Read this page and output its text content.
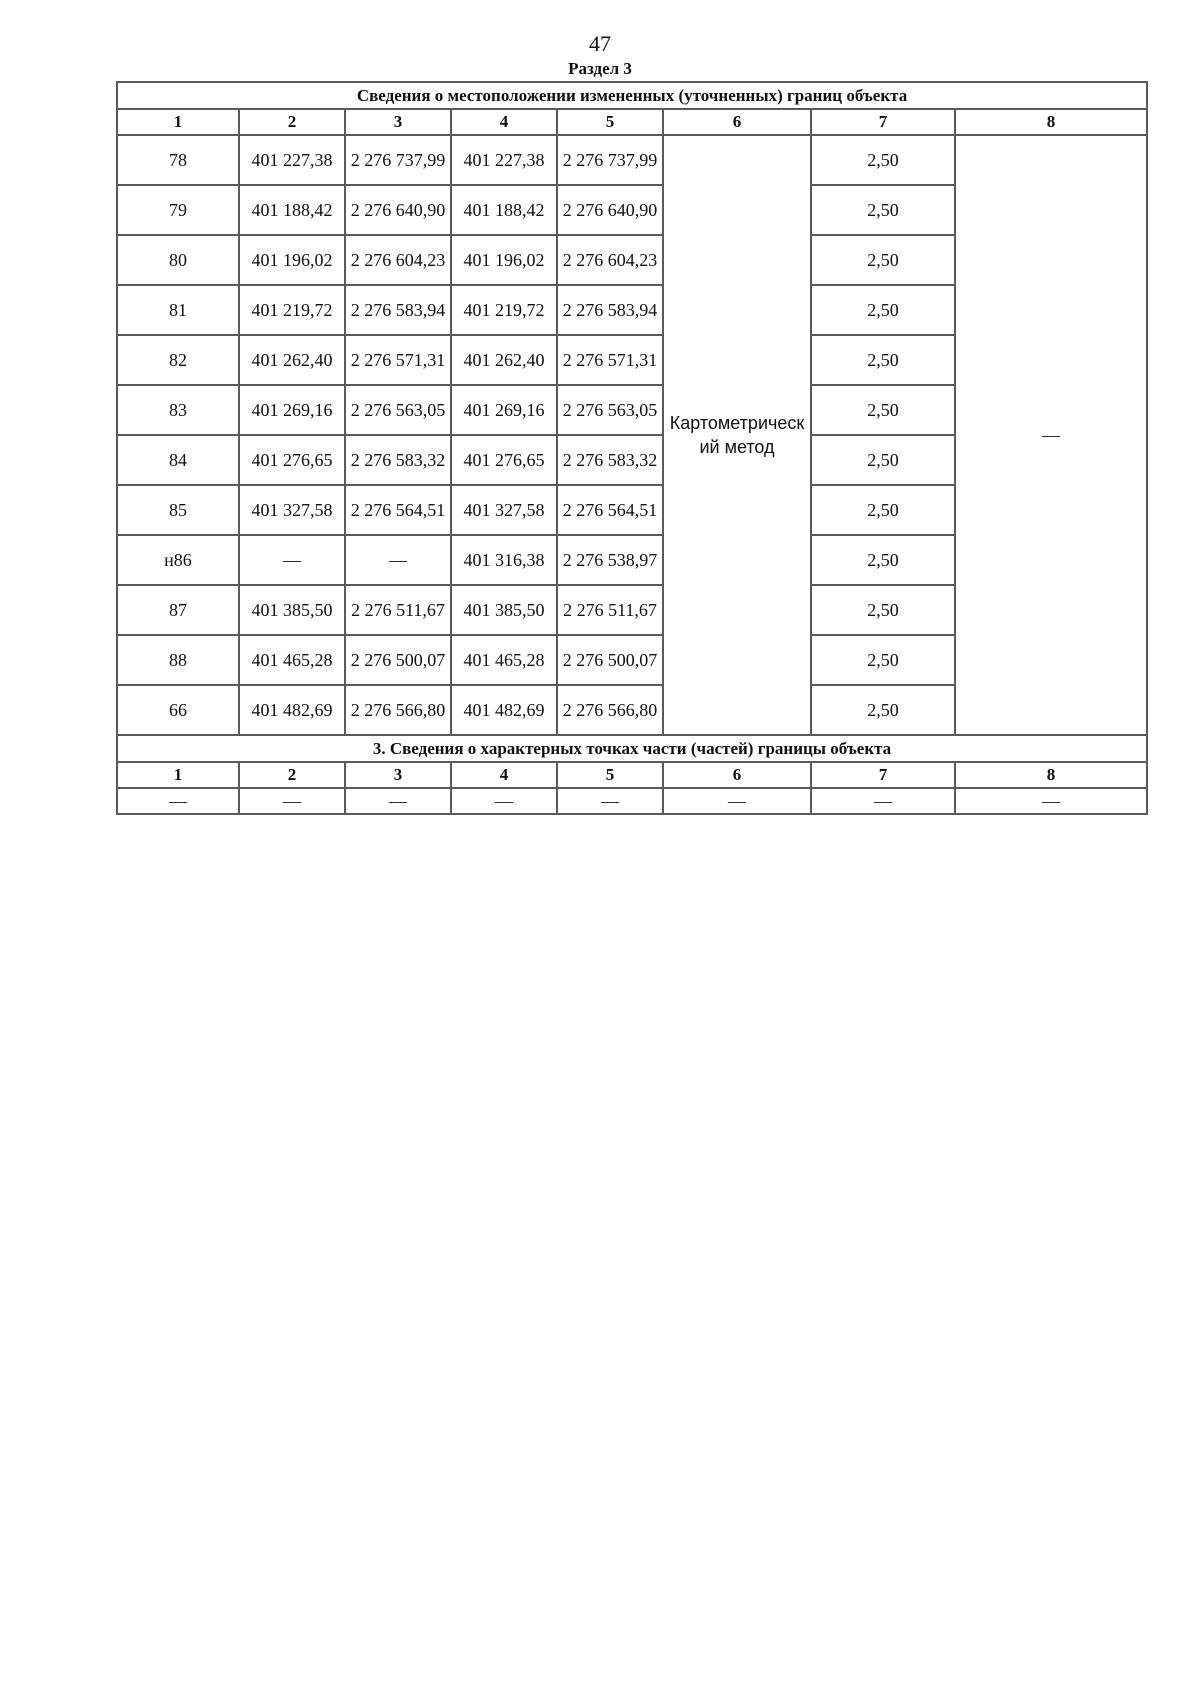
47
Раздел 3
Сведения о местоположении измененных (уточненных) границ объекта							
1	2	3	4	5	6	7	8
78	401 227,38	2 276 737,99	401 227,38	2 276 737,99	Картометрический метод	2,50	—
79	401 188,42	2 276 640,90	401 188,42	2 276 640,90		2,50	
80	401 196,02	2 276 604,23	401 196,02	2 276 604,23		2,50	
81	401 219,72	2 276 583,94	401 219,72	2 276 583,94		2,50	
82	401 262,40	2 276 571,31	401 262,40	2 276 571,31		2,50	
83	401 269,16	2 276 563,05	401 269,16	2 276 563,05		2,50	
84	401 276,65	2 276 583,32	401 276,65	2 276 583,32		2,50	
85	401 327,58	2 276 564,51	401 327,58	2 276 564,51		2,50	
н86	—	—	401 316,38	2 276 538,97		2,50	
87	401 385,50	2 276 511,67	401 385,50	2 276 511,67		2,50	
88	401 465,28	2 276 500,07	401 465,28	2 276 500,07		2,50	
66	401 482,69	2 276 566,80	401 482,69	2 276 566,80		2,50	
3. Сведения о характерных точках части (частей) границы объекта							
1	2	3	4	5	6	7	8
—	—	—	—	—	—	—	—
